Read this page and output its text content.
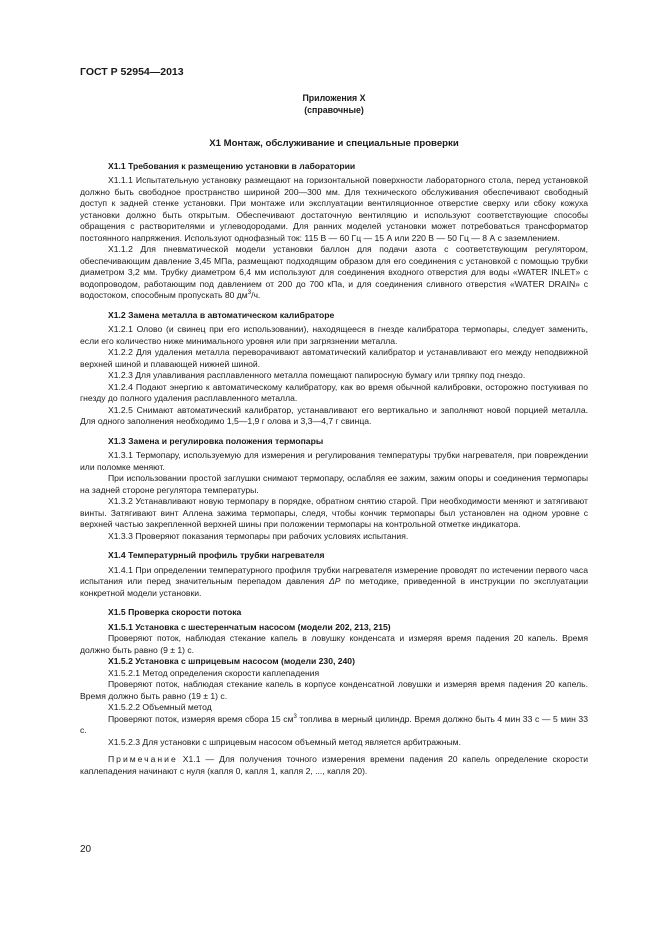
ГОСТ Р 52954—2013
Приложения X
(справочные)
X1 Монтаж, обслуживание и специальные проверки
X1.1 Требования к размещению установки в лаборатории

X1.1.1 Испытательную установку размещают на горизонтальной поверхности лабораторного стола, перед установкой должно быть свободное пространство шириной 200—300 мм. Для технического обслуживания обеспечивают свободный доступ к задней стенке установки. При монтаже или эксплуатации вентиляционное отверстие сверху или сбоку кожуха установки должно быть открытым. Обеспечивают достаточную вентиляцию и используют соответствующие способы обращения с растворителями и углеводородами. Для ранних моделей установки может потребоваться трансформатор постоянного напряжения. Используют однофазный ток: 115 В — 60 Гц — 15 А или 220 В — 50 Гц — 8 А с заземлением.

X1.1.2 Для пневматической модели установки баллон для подачи азота с соответствующим регулятором, обеспечивающим давление 3,45 МПа, размещают подходящим образом для его соединения с установкой с помощью трубки диаметром 3,2 мм. Трубку диаметром 6,4 мм используют для соединения входного отверстия для воды «WATER INLET» с водопроводом, работающим под давлением от 200 до 700 кПа, и для соединения сливного отверстия «WATER DRAIN» с водостоком, способным пропускать 80 $дм^3/ч$.

X1.2 Замена металла в автоматическом калибраторе

X1.2.1 Олово (и свинец при его использовании), находящееся в гнезде калибратора термопары, следует заменить, если его количество ниже минимального уровня или при загрязнении металла.

X1.2.2 Для удаления металла переворачивают автоматический калибратор и устанавливают его между неподвижной верхней шиной и плавающей нижней шиной.

X1.2.3 Для улавливания расплавленного металла помещают папиросную бумагу или тряпку под гнездо.

X1.2.4 Подают энергию к автоматическому калибратору, как во время обычной калибровки, осторожно постукивая по гнезду до полного удаления расплавленного металла.

X1.2.5 Снимают автоматический калибратор, устанавливают его вертикально и заполняют новой порцией металла. Для одного заполнения необходимо 1,5—1,9 г олова и 3,3—4,7 г свинца.

X1.3 Замена и регулировка положения термопары

X1.3.1 Термопару, используемую для измерения и регулирования температуры трубки нагревателя, при повреждении или поломке меняют.

При использовании простой заглушки снимают термопару, ослабляя ее зажим, зажим опоры и соединения термопары на задней стороне регулятора температуры.

X1.3.2 Устанавливают новую термопару в порядке, обратном снятию старой. При необходимости меняют и затягивают винты. Затягивают винт Аллена зажима термопары, следя, чтобы кончик термопары был установлен на одном уровне с верхней частью закрепленной верхней шины при положении термопары на контрольной отметке индикатора.

X1.3.3 Проверяют показания термопары при рабочих условиях испытания.

X1.4 Температурный профиль трубки нагревателя

X1.4.1 При определении температурного профиля трубки нагревателя измерение проводят по истечении первого часа испытания или перед значительным перепадом давления ΔP по методике, приведенной в инструкции по эксплуатации конкретной модели установки.

X1.5 Проверка скорости потока
X1.5.1 Установка с шестеренчатым насосом (модели 202, 213, 215)

Проверяют поток, наблюдая стекание капель в ловушку конденсата и измеряя время падения 20 капель. Время должно быть равно (9 ± 1) с.

X1.5.2 Установка с шприцевым насосом (модели 230, 240)

X1.5.2.1 Метод определения скорости каплепадения

Проверяют поток, наблюдая стекание капель в корпусе конденсатной ловушки и измеряя время падения 20 капель. Время должно быть равно (19 ± 1) с.

X1.5.2.2 Объемный метод

Проверяют поток, измеряя время сбора 15 $см^3$ топлива в мерный цилиндр. Время должно быть 4 мин 33 с — 5 мин 33 с.

X1.5.2.3 Для установки с шприцевым насосом объемный метод является арбитражным.

Примечание X1.1 — Для получения точного измерения времени падения 20 капель определение скорости каплепадения начинают с нуля (капля 0, капля 1, капля 2, ..., капля 20).

20
